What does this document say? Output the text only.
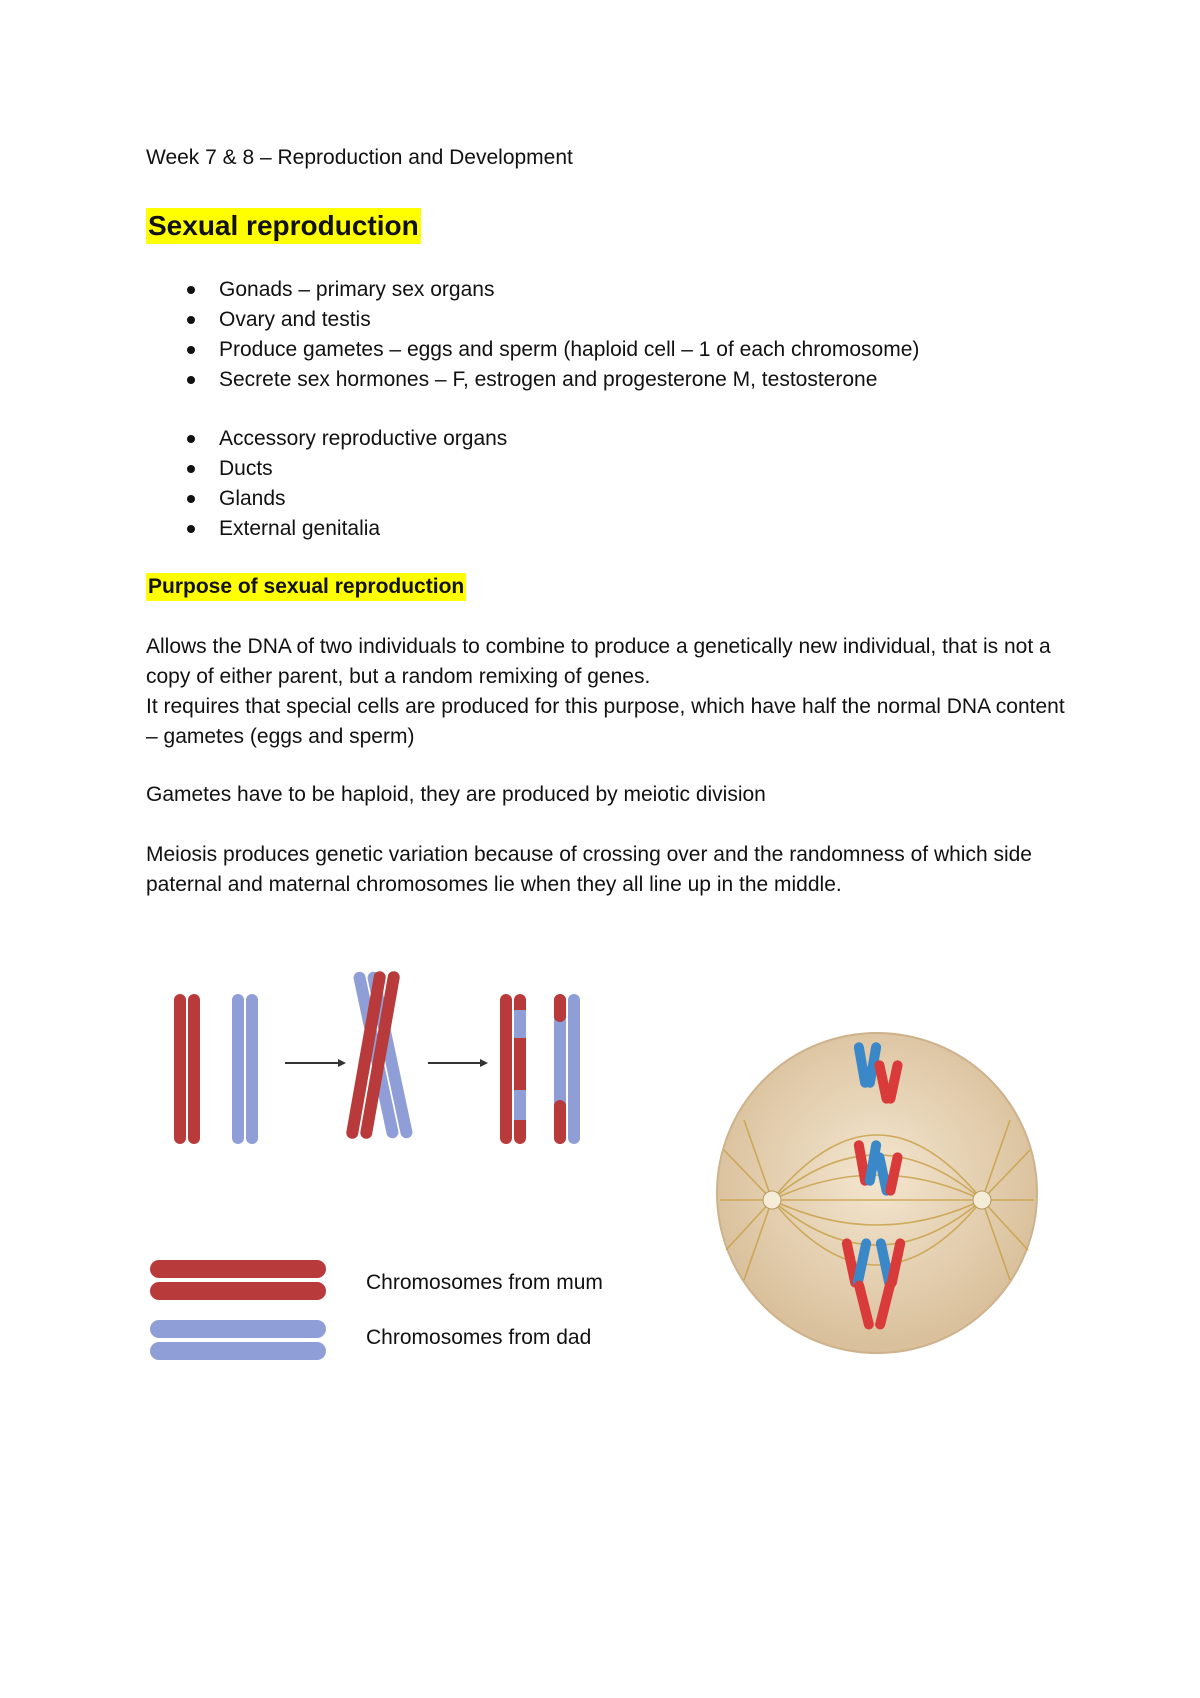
Week 7 & 8 – Reproduction and Development
Sexual reproduction
Gonads – primary sex organs
Ovary and testis
Produce gametes – eggs and sperm (haploid cell – 1 of each chromosome)
Secrete sex hormones – F, estrogen and progesterone M, testosterone
Accessory reproductive organs
Ducts
Glands
External genitalia
Purpose of sexual reproduction

Allows the DNA of two individuals to combine to produce a genetically new individual, that is not a copy of either parent, but a random remixing of genes.

It requires that special cells are produced for this purpose, which have half the normal DNA content – gametes (eggs and sperm)

Gametes have to be haploid, they are produced by meiotic division

Meiosis produces genetic variation because of crossing over and the randomness of which side paternal and maternal chromosomes lie when they all line up in the middle.

Chromosomes from mum
Chromosomes from dad
